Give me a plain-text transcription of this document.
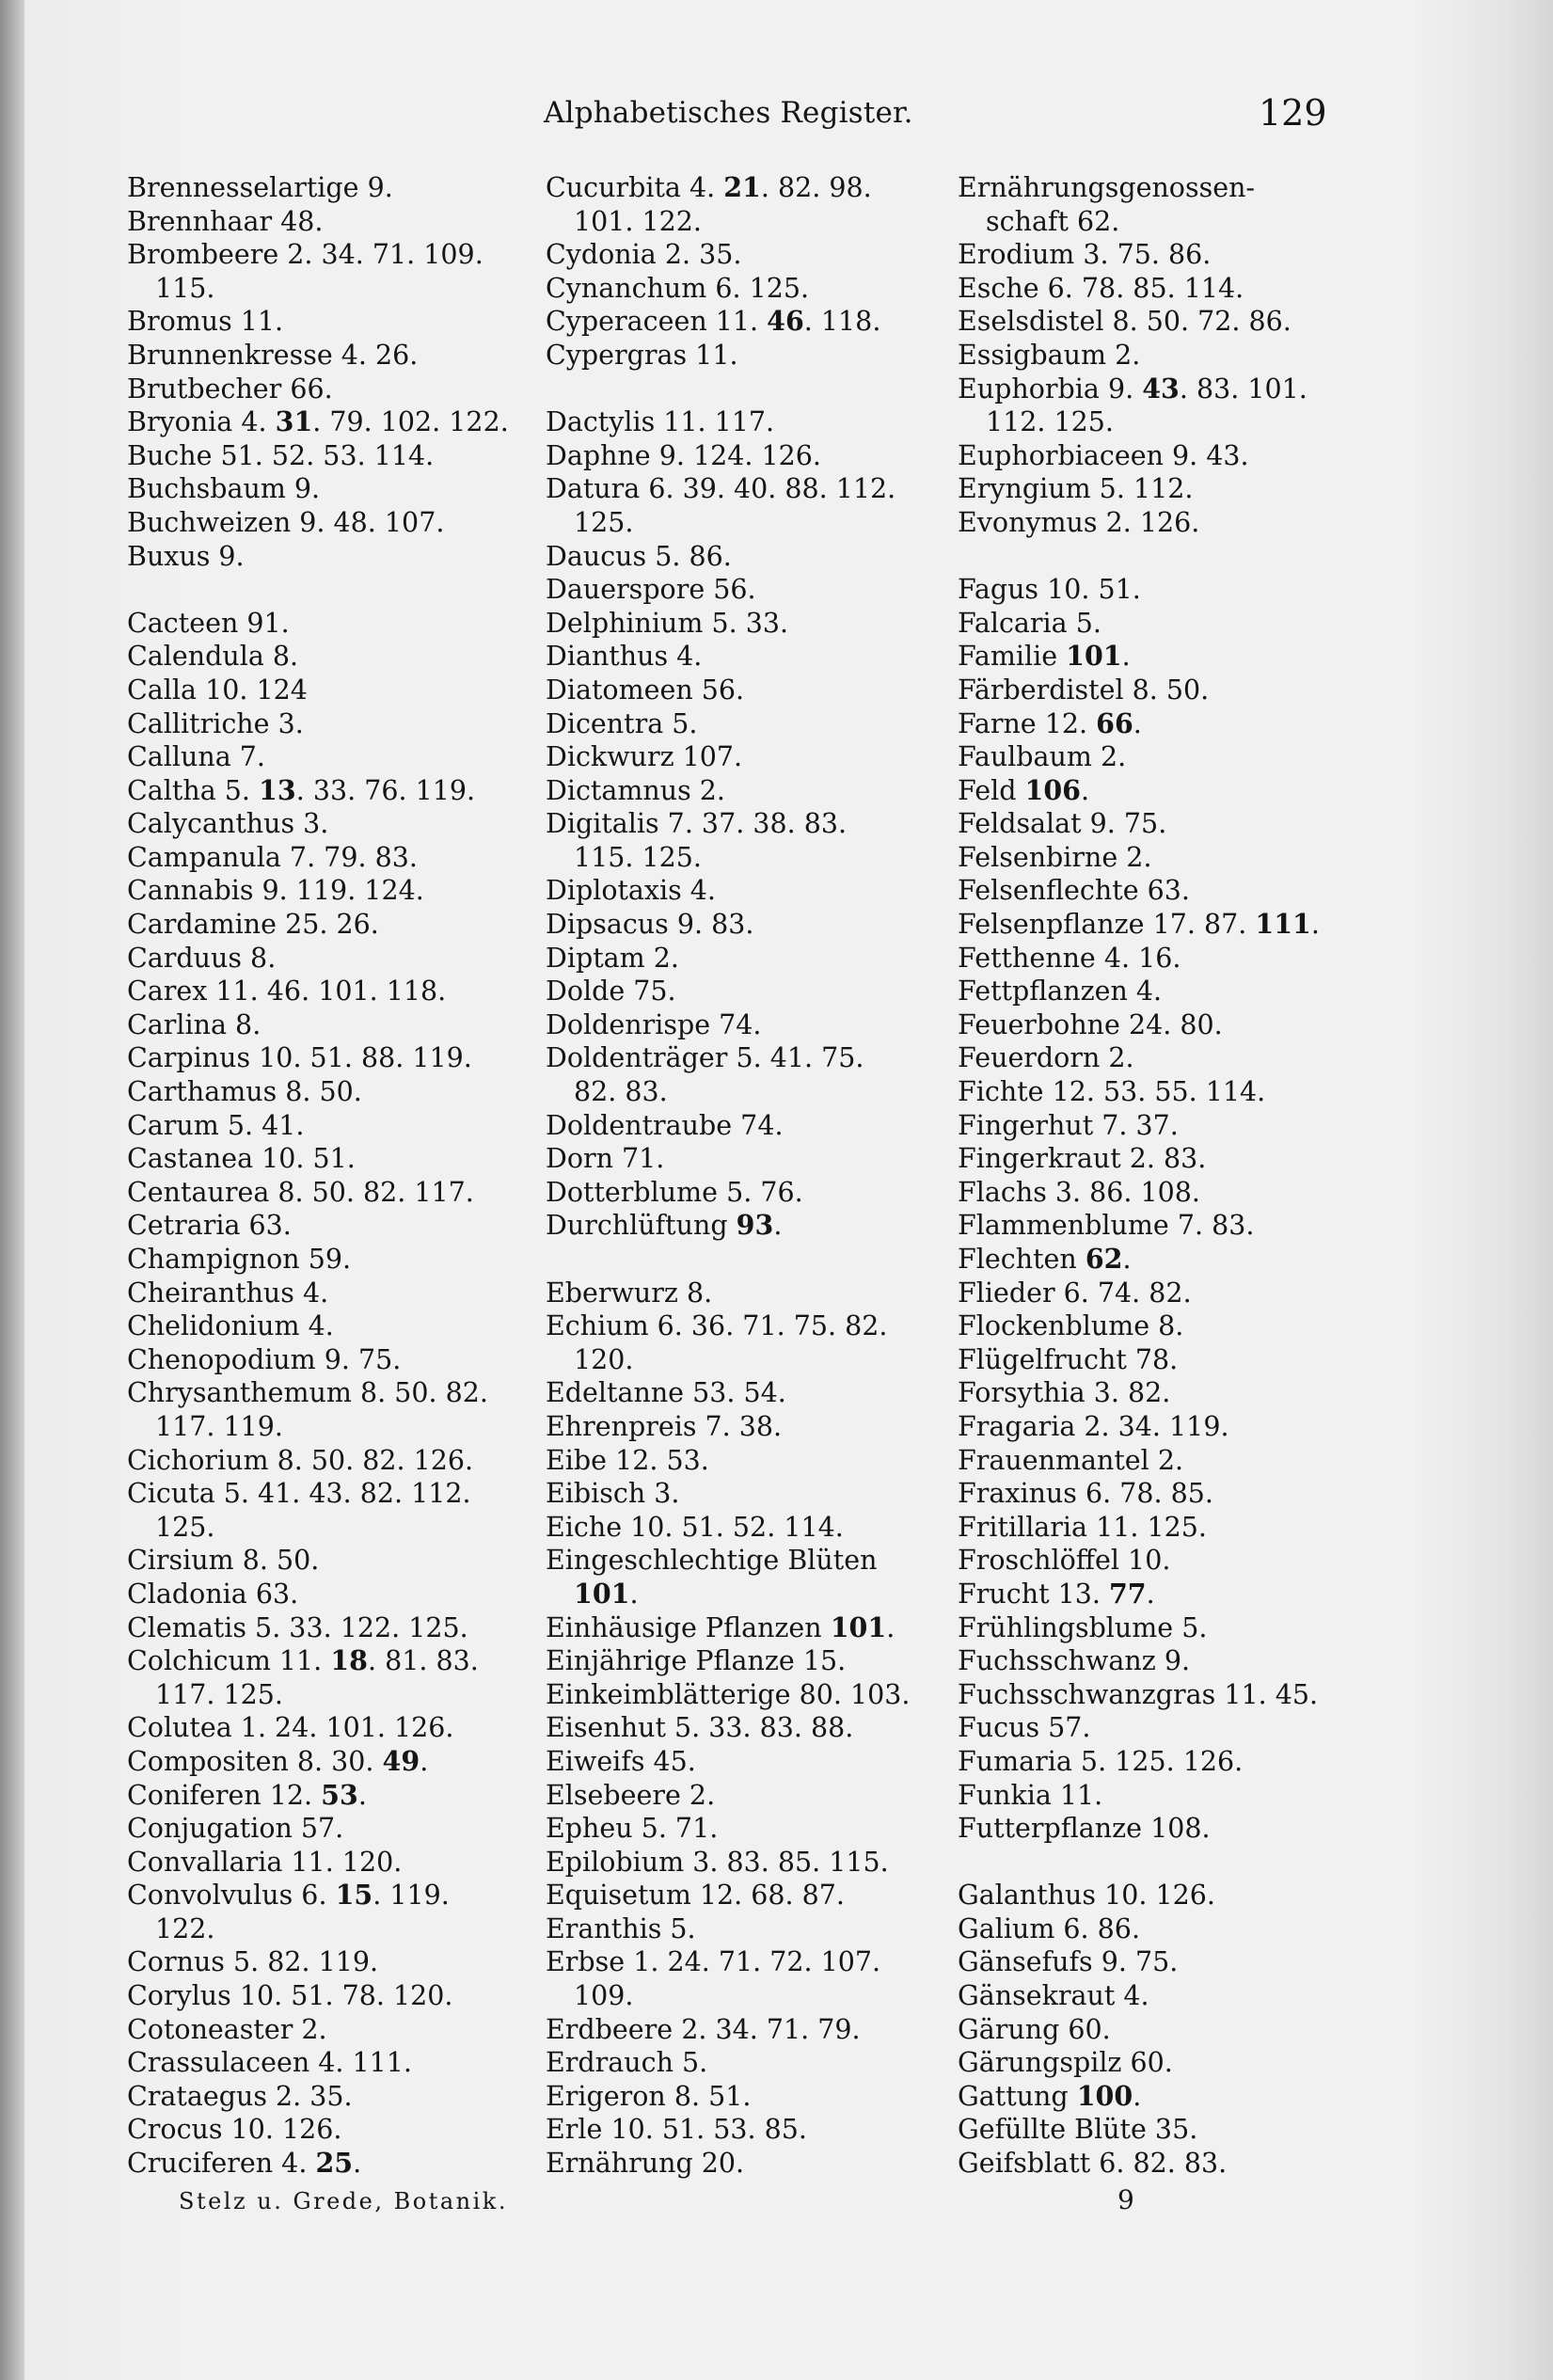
Alphabetisches Register.	129
Brennesselartige 9.
Brennhaar 48.
Brombeere 2. 34. 71. 109.
115.
Bromus 11.
Brunnenkresse 4. 26.
Brutbecher 66.
Bryonia 4. 31. 79. 102. 122.
Buche 51. 52. 53. 114.
Buchsbaum 9.
Buchweizen 9. 48. 107.
Buxus 9.
Cacteen 91.
Calendula 8.
Calla 10. 124
Callitriche 3.
Calluna 7.
Caltha 5. 13. 33. 76. 119.
Calycanthus 3.
Campanula 7. 79. 83.
Cannabis 9. 119. 124.
Cardamine 25. 26.
Carduus 8.
Carex 11. 46. 101. 118.
Carlina 8.
Carpinus 10. 51. 88. 119.
Carthamus 8. 50.
Carum 5. 41.
Castanea 10. 51.
Centaurea 8. 50. 82. 117.
Cetraria 63.
Champignon 59.
Cheiranthus 4.
Chelidonium 4.
Chenopodium 9. 75.
Chrysanthemum 8. 50. 82.
117. 119.
Cichorium 8. 50. 82. 126.
Cicuta 5. 41. 43. 82. 112.
125.
Cirsium 8. 50.
Cladonia 63.
Clematis 5. 33. 122. 125.
Colchicum 11. 18. 81. 83.
117. 125.
Colutea 1. 24. 101. 126.
Compositen 8. 30. 49.
Coniferen 12. 53.
Conjugation 57.
Convallaria 11. 120.
Convolvulus 6. 15. 119.
122.
Cornus 5. 82. 119.
Corylus 10. 51. 78. 120.
Cotoneaster 2.
Crassulaceen 4. 111.
Crataegus 2. 35.
Crocus 10. 126.
Cruciferen 4. 25.
Cucurbita 4. 21. 82. 98.
101. 122.
Cydonia 2. 35.
Cynanchum 6. 125.
Cyperaceen 11. 46. 118.
Cypergras 11.
Dactylis 11. 117.
Daphne 9. 124. 126.
Datura 6. 39. 40. 88. 112.
125.
Daucus 5. 86.
Dauerspore 56.
Delphinium 5. 33.
Dianthus 4.
Diatomeen 56.
Dicentra 5.
Dickwurz 107.
Dictamnus 2.
Digitalis 7. 37. 38. 83.
115. 125.
Diplotaxis 4.
Dipsacus 9. 83.
Diptam 2.
Dolde 75.
Doldenrispe 74.
Doldenträger 5. 41. 75.
82. 83.
Doldentraube 74.
Dorn 71.
Dotterblume 5. 76.
Durchlüftung 93.
Eberwurz 8.
Echium 6. 36. 71. 75. 82.
120.
Edeltanne 53. 54.
Ehrenpreis 7. 38.
Eibe 12. 53.
Eibisch 3.
Eiche 10. 51. 52. 114.
Eingeschlechtige Blüten
101.
Einhäusige Pflanzen 101.
Einjährige Pflanze 15.
Einkeimblätterige 80. 103.
Eisenhut 5. 33. 83. 88.
Eiweifs 45.
Elsebeere 2.
Epheu 5. 71.
Epilobium 3. 83. 85. 115.
Equisetum 12. 68. 87.
Eranthis 5.
Erbse 1. 24. 71. 72. 107.
109.
Erdbeere 2. 34. 71. 79.
Erdrauch 5.
Erigeron 8. 51.
Erle 10. 51. 53. 85.
Ernährung 20.
Ernährungsgenossen-
schaft 62.
Erodium 3. 75. 86.
Esche 6. 78. 85. 114.
Eselsdistel 8. 50. 72. 86.
Essigbaum 2.
Euphorbia 9. 43. 83. 101.
112. 125.
Euphorbiaceen 9. 43.
Eryngium 5. 112.
Evonymus 2. 126.
Fagus 10. 51.
Falcaria 5.
Familie 101.
Färberdistel 8. 50.
Farne 12. 66.
Faulbaum 2.
Feld 106.
Feldsalat 9. 75.
Felsenbirne 2.
Felsenflechte 63.
Felsenpflanze 17. 87. 111.
Fetthenne 4. 16.
Fettpflanzen 4.
Feuerbohne 24. 80.
Feuerdorn 2.
Fichte 12. 53. 55. 114.
Fingerhut 7. 37.
Fingerkraut 2. 83.
Flachs 3. 86. 108.
Flammenblume 7. 83.
Flechten 62.
Flieder 6. 74. 82.
Flockenblume 8.
Flügelfrucht 78.
Forsythia 3. 82.
Fragaria 2. 34. 119.
Frauenmantel 2.
Fraxinus 6. 78. 85.
Fritillaria 11. 125.
Froschlöffel 10.
Frucht 13. 77.
Frühlingsblume 5.
Fuchsschwanz 9.
Fuchsschwanzgras 11. 45.
Fucus 57.
Fumaria 5. 125. 126.
Funkia 11.
Futterpflanze 108.
Galanthus 10. 126.
Galium 6. 86.
Gänsefufs 9. 75.
Gänsekraut 4.
Gärung 60.
Gärungspilz 60.
Gattung 100.
Gefüllte Blüte 35.
Geifsblatt 6. 82. 83.
Stelz u. Grede, Botanik.	9
